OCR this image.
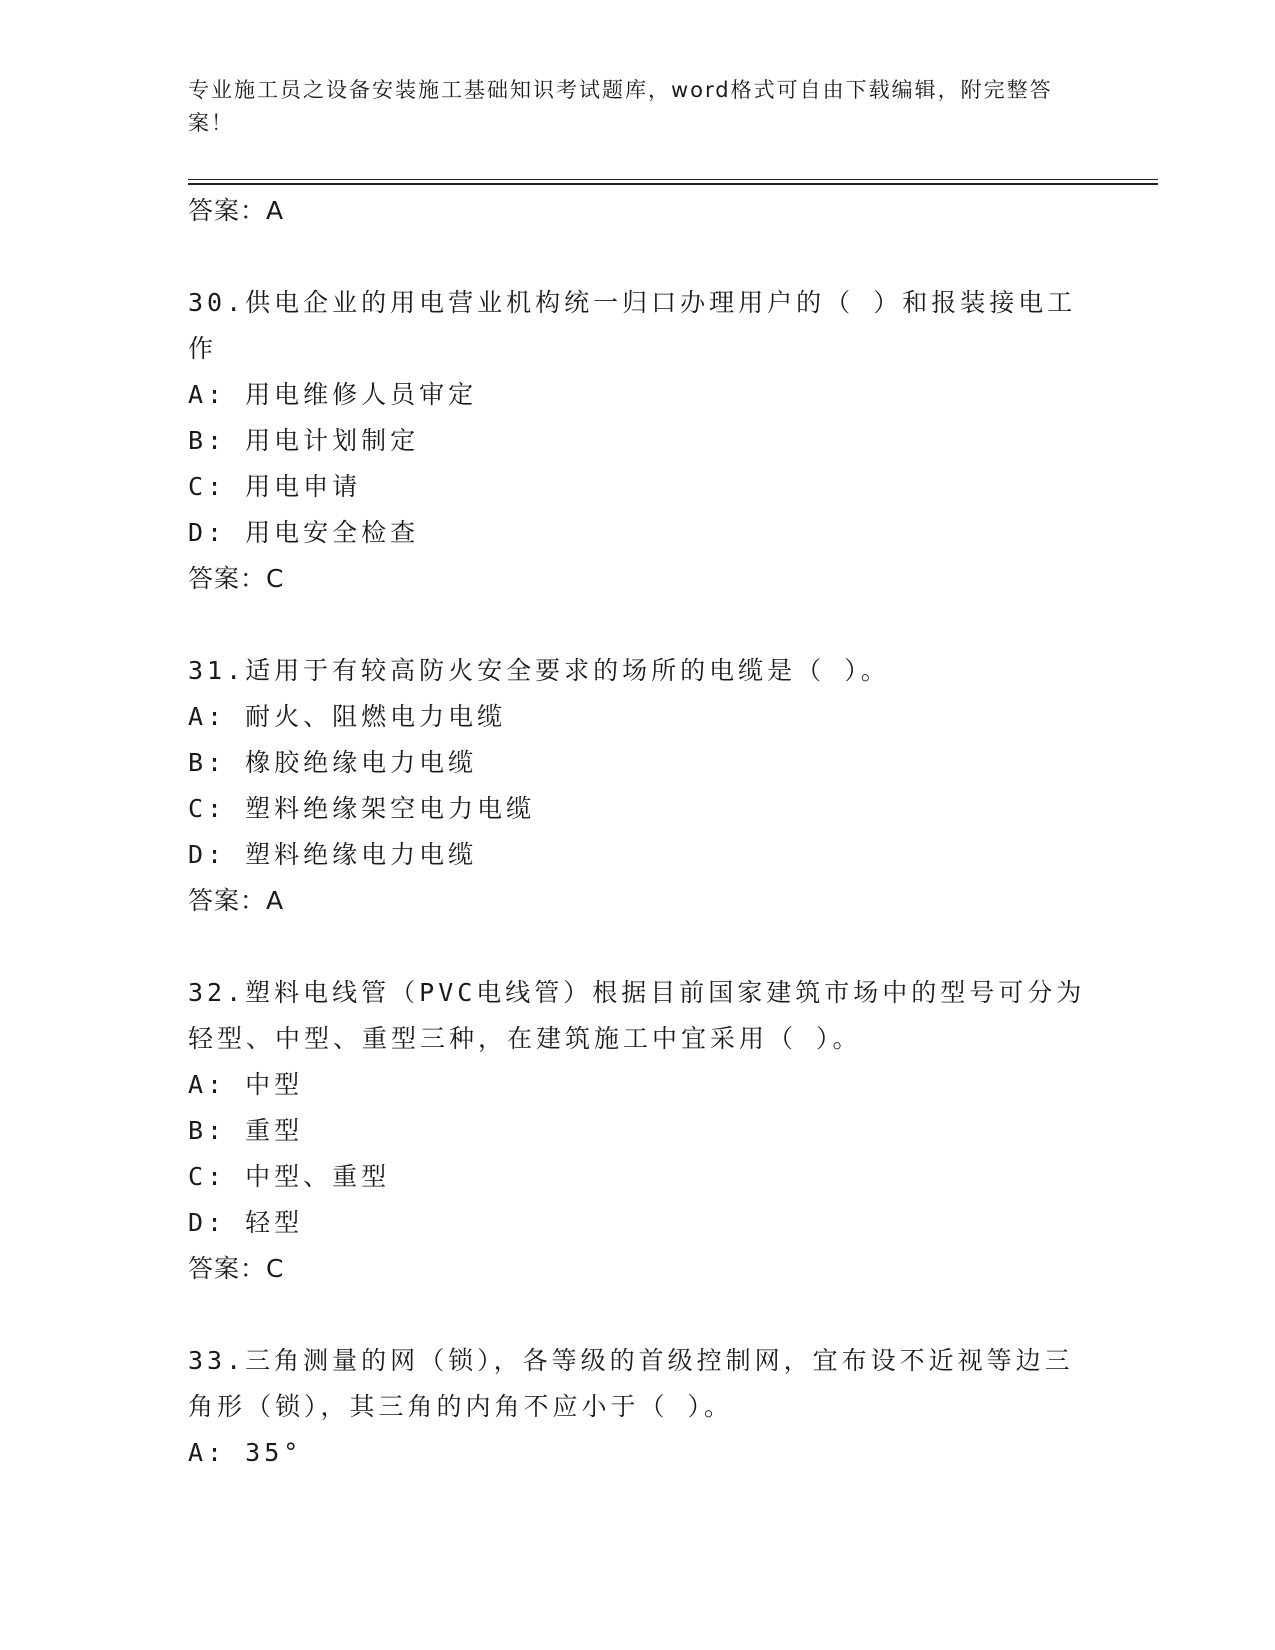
专业施工员之设备安装施工基础知识考试题库，word格式可自由下载编辑，附完整答案！
答案：A
30.供电企业的用电营业机构统一归口办理用户的（ ）和报装接电工作
A: 用电维修人员审定
B: 用电计划制定
C: 用电申请
D: 用电安全检查
答案：C
31.适用于有较高防火安全要求的场所的电缆是（ ）。
A: 耐火、阻燃电力电缆
B: 橡胶绝缘电力电缆
C: 塑料绝缘架空电力电缆
D: 塑料绝缘电力电缆
答案：A
32.塑料电线管（PVC电线管）根据目前国家建筑市场中的型号可分为轻型、中型、重型三种，在建筑施工中宜采用（ ）。
A: 中型
B: 重型
C: 中型、重型
D: 轻型
答案：C
33.三角测量的网（锁），各等级的首级控制网，宜布设不近视等边三角形（锁），其三角的内角不应小于（ ）。
A: 35°
